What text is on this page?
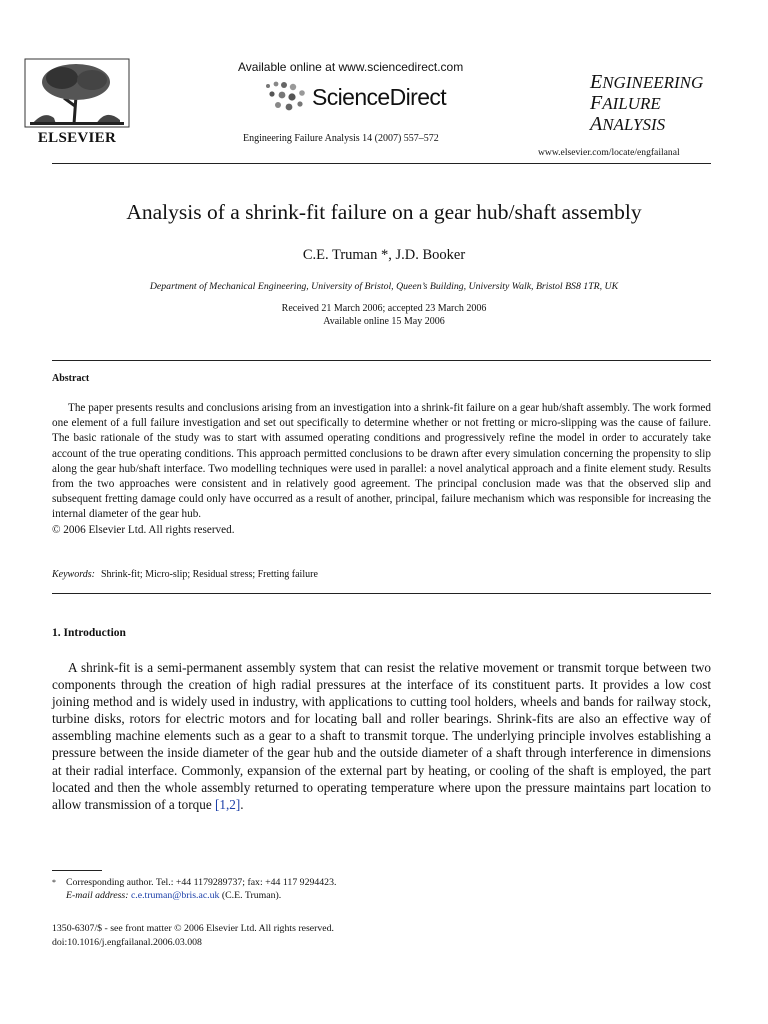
ELSEVIER
Available online at www.sciencedirect.com
ScienceDirect
Engineering Failure Analysis 14 (2007) 557–572
ENGINEERING
FAILURE
ANALYSIS
www.elsevier.com/locate/engfailanal
Analysis of a shrink-fit failure on a gear hub/shaft assembly
C.E. Truman *, J.D. Booker
Department of Mechanical Engineering, University of Bristol, Queen’s Building, University Walk, Bristol BS8 1TR, UK
Received 21 March 2006; accepted 23 March 2006
Available online 15 May 2006
Abstract

The paper presents results and conclusions arising from an investigation into a shrink-fit failure on a gear hub/shaft assembly. The work formed one element of a full failure investigation and set out specifically to determine whether or not fretting or micro-slipping was the cause of failure. The basic rationale of the study was to start with assumed operating conditions and progressively refine the model in order to accurately take account of the true operating conditions. This approach permitted conclusions to be drawn after every simulation concerning the propensity to slip along the gear hub/shaft interface. Two modelling techniques were used in parallel: a novel analytical approach and a finite element study. Results from the two approaches were consistent and in relatively good agreement. The principal conclusion made was that the observed slip and subsequent fretting damage could only have occurred as a result of another, principal, failure mechanism which was responsible for increasing the internal diameter of the gear hub.

© 2006 Elsevier Ltd. All rights reserved.

Keywords: Shrink-fit; Micro-slip; Residual stress; Fretting failure
1. Introduction

A shrink-fit is a semi-permanent assembly system that can resist the relative movement or transmit torque between two components through the creation of high radial pressures at the interface of its constituent parts. It provides a low cost joining method and is widely used in industry, with applications to cutting tool holders, wheels and bands for railway stock, turbine disks, rotors for electric motors and for locating ball and roller bearings. Shrink-fits are also an effective way of assembling machine elements such as a gear to a shaft to transmit torque. The underlying principle involves establishing a pressure between the inside diameter of the gear hub and the outside diameter of a shaft through interference in dimensions at their radial interface. Commonly, expansion of the external part by heating, or cooling of the shaft is employed, the part located and then the whole assembly returned to operating temperature where upon the pressure maintains part location to allow transmission of a torque [1,2].

* Corresponding author. Tel.: +44 1179289737; fax: +44 117 9294423.
E-mail address: c.e.truman@bris.ac.uk (C.E. Truman).
1350-6307/$ - see front matter © 2006 Elsevier Ltd. All rights reserved.
doi:10.1016/j.engfailanal.2006.03.008
